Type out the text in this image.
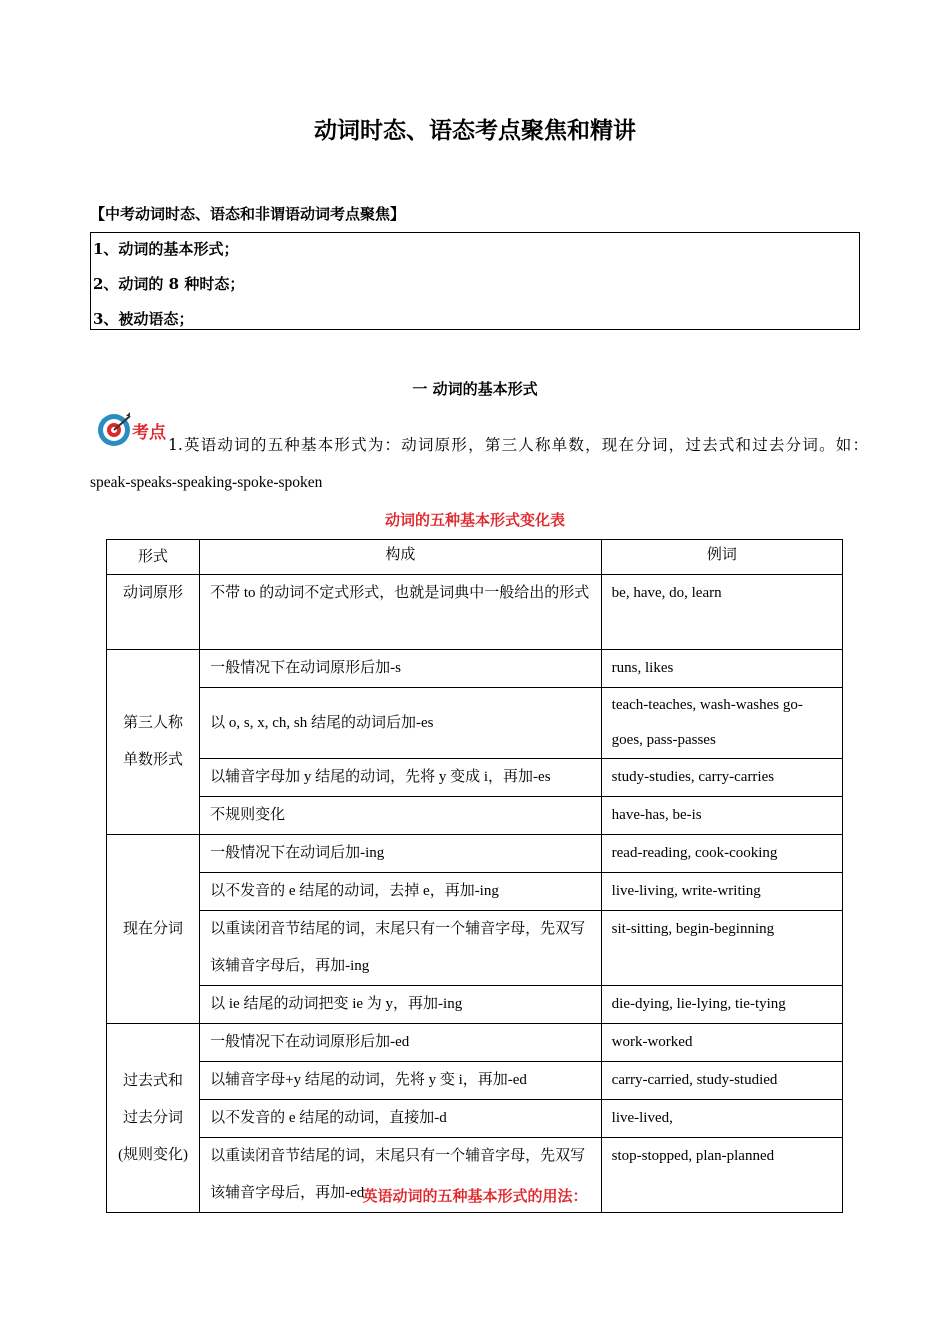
动词时态、语态考点聚焦和精讲
【中考动词时态、语态和非谓语动词考点聚焦】
1、动词的基本形式；
2、动词的 8 种时态；
3、被动语态；
一 动词的基本形式
考点
1.英语动词的五种基本形式为：动词原形，第三人称单数，现在分词，过去式和过去分词。如：
speak-speaks-speaking-spoke-spoken
动词的五种基本形式变化表
形式	构成	例词

动词原形	不带 to 的动词不定式形式，也就是词典中一般给出的形式	be, have, do, learn

第三人称
单数形式	一般情况下在动词原形后加-s	runs, likes
	以 o, s, x, ch, sh 结尾的动词后加-es	teach-teaches, wash-washes go-goes, pass-passes
	以辅音字母加 y 结尾的动词，先将 y 变成 i，再加-es	study-studies, carry-carries
	不规则变化	have-has, be-is

现在分词	一般情况下在动词后加-ing	read-reading, cook-cooking
	以不发音的 e 结尾的动词，去掉 e，再加-ing	live-living, write-writing
	以重读闭音节结尾的词，末尾只有一个辅音字母，先双写该辅音字母后，再加-ing	sit-sitting, begin-beginning
	以 ie 结尾的动词把变 ie 为 y，再加-ing	die-dying, lie-lying, tie-tying

过去式和
过去分词
(规则变化)	一般情况下在动词原形后加-ed	work-worked
	以辅音字母+y 结尾的动词，先将 y 变 i，再加-ed	carry-carried, study-studied
	以不发音的 e 结尾的动词，直接加-d	live-lived,
	以重读闭音节结尾的词，末尾只有一个辅音字母，先双写该辅音字母后，再加-ed	stop-stopped, plan-planned
英语动词的五种基本形式的用法：
